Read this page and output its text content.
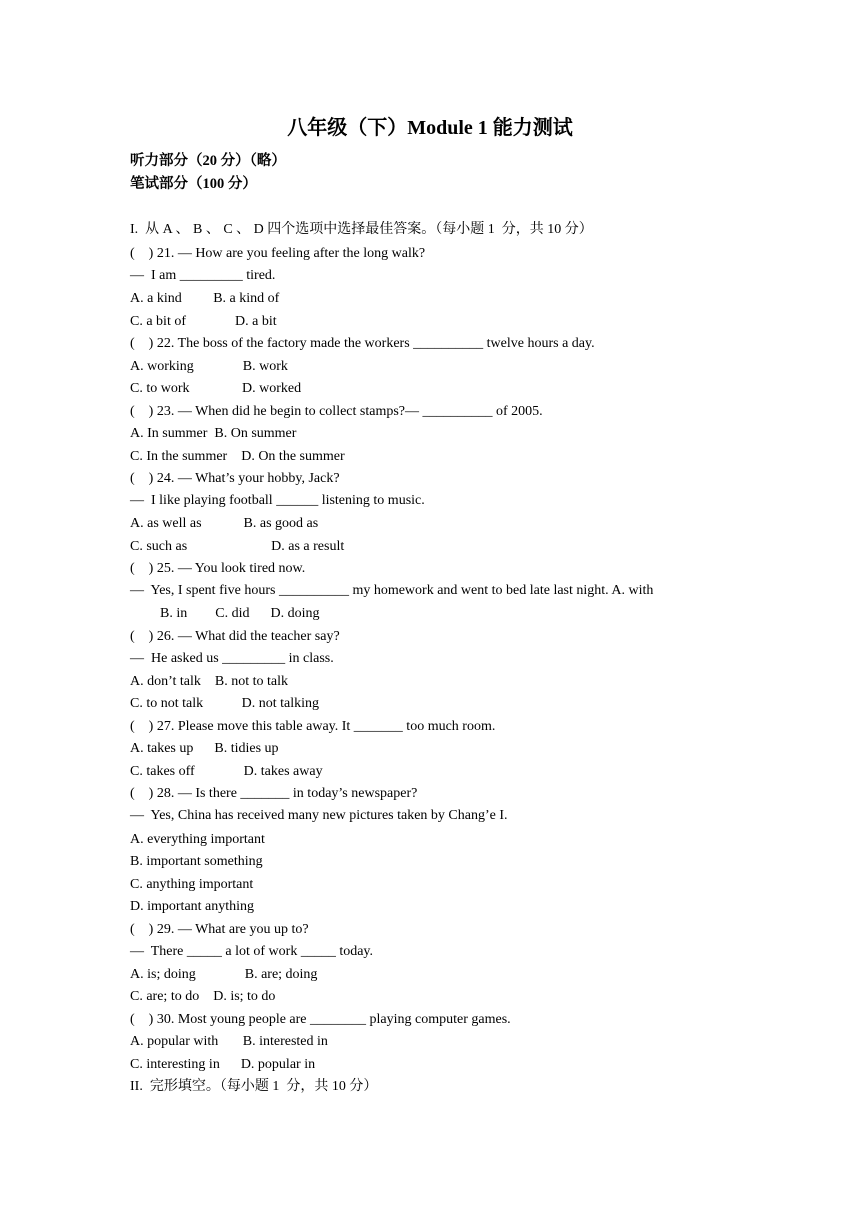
八年级（下）Module 1 能力测试
听力部分（20 分）（略）
笔试部分（100 分）
I.  从 A 、 B 、 C 、 D 四个选项中选择最佳答案。（每小题 1  分，共 10 分）
(    ) 21. — How are you feeling after the long walk?
—  I am _________ tired.
A. a kind         B. a kind of
C. a bit of              D. a bit
(    ) 22. The boss of the factory made the workers __________ twelve hours a day.
A. working              B. work
C. to work               D. worked
(    ) 23. — When did he begin to collect stamps?— __________ of 2005.
A. In summer  B. On summer
C. In the summer    D. On the summer
(    ) 24. — What’s your hobby, Jack?
—  I like playing football ______ listening to music.
A. as well as            B. as good as
C. such as                        D. as a result
(    ) 25. — You look tired now.
—  Yes, I spent five hours __________ my homework and went to bed late last night. A. with
B. in        C. did      D. doing
(    ) 26. — What did the teacher say?
—  He asked us _________ in class.
A. don’t talk    B. not to talk
C. to not talk           D. not talking
(    ) 27. Please move this table away. It _______ too much room.
A. takes up      B. tidies up
C. takes off              D. takes away
(    ) 28. — Is there _______ in today’s newspaper?
—  Yes, China has received many new pictures taken by Chang’e I.
A. everything important
B. important something
C. anything important
D. important anything
(    ) 29. — What are you up to?
—  There _____ a lot of work _____ today.
A. is; doing              B. are; doing
C. are; to do    D. is; to do
(    ) 30. Most young people are ________ playing computer games.
A. popular with       B. interested in
C. interesting in      D. popular in
II.  完形填空。（每小题 1  分，共 10 分）
